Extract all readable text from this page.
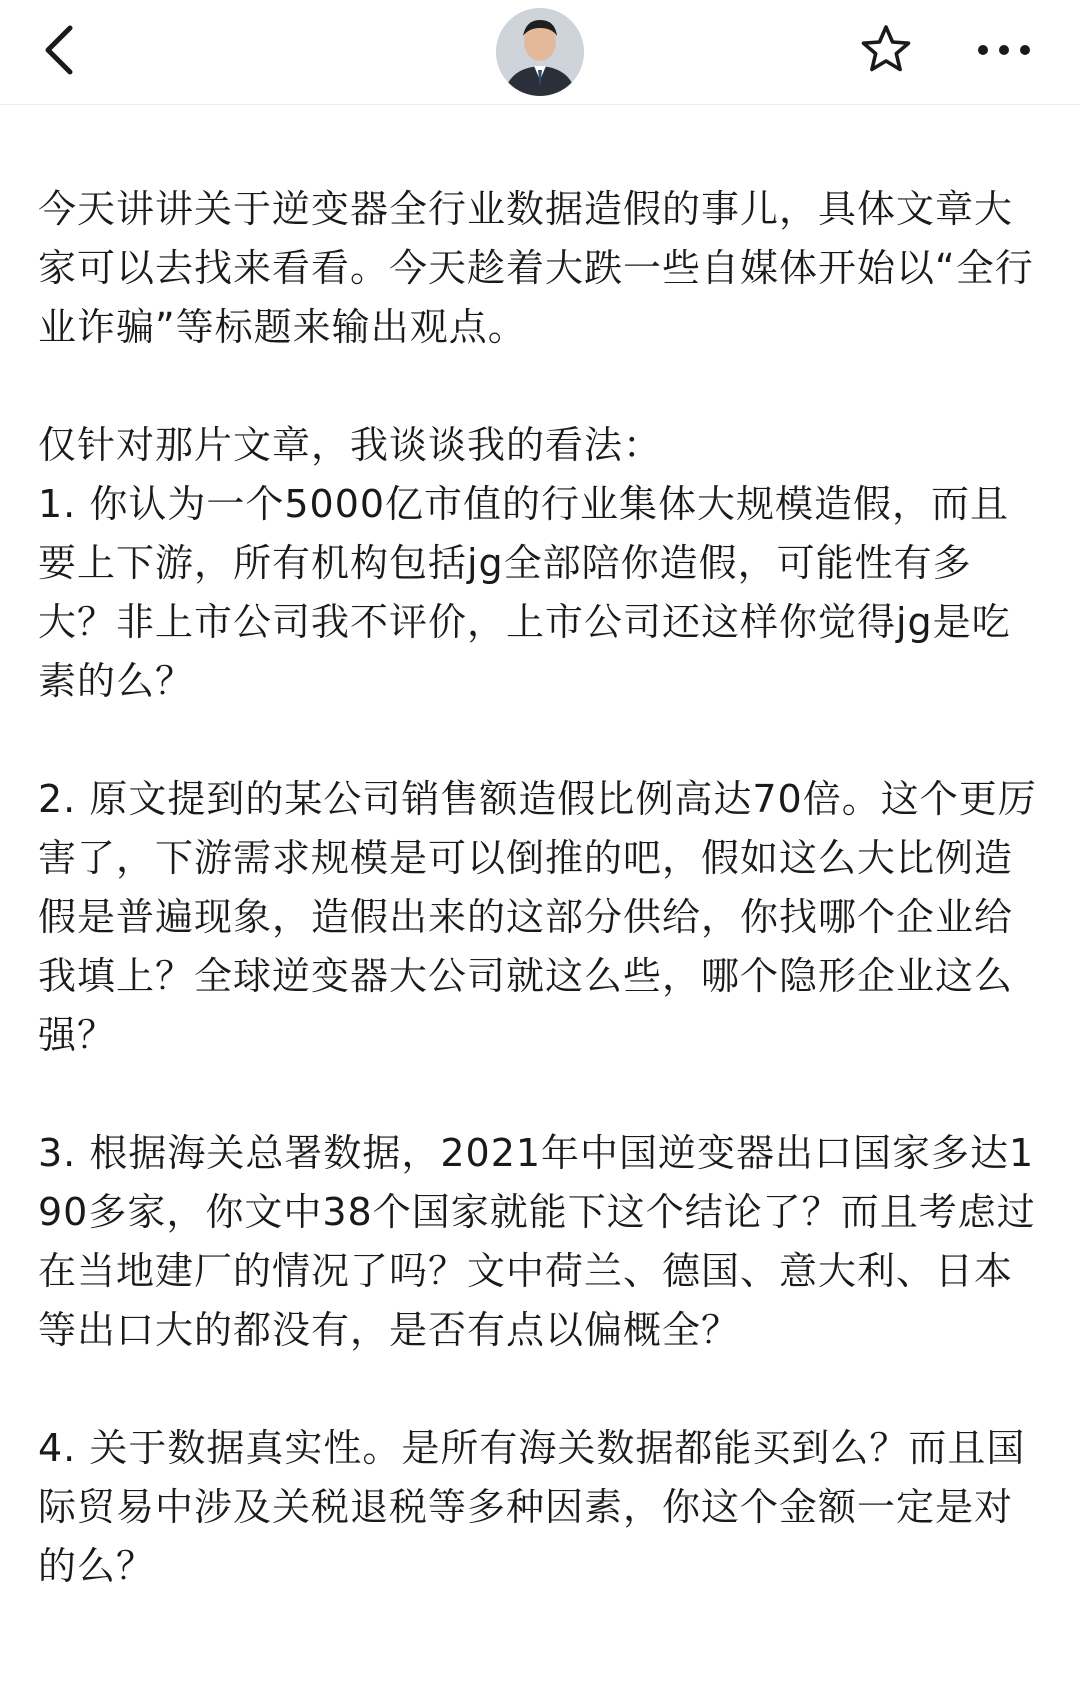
今天讲讲关于逆变器全行业数据造假的事儿，具体文章大家可以去找来看看。今天趁着大跌一些自媒体开始以“全行业诈骗”等标题来输出观点。

仅针对那片文章，我谈谈我的看法：

1. 你认为一个5000亿市值的行业集体大规模造假，而且要上下游，所有机构包括jg全部陪你造假，可能性有多大？非上市公司我不评价，上市公司还这样你觉得jg是吃素的么？

2. 原文提到的某公司销售额造假比例高达70倍。这个更厉害了，下游需求规模是可以倒推的吧，假如这么大比例造假是普遍现象，造假出来的这部分供给，你找哪个企业给我填上？全球逆变器大公司就这么些，哪个隐形企业这么强？

3. 根据海关总署数据，2021年中国逆变器出口国家多达190多家，你文中38个国家就能下这个结论了？而且考虑过在当地建厂的情况了吗？文中荷兰、德国、意大利、日本等出口大的都没有，是否有点以偏概全？

4. 关于数据真实性。是所有海关数据都能买到么？而且国际贸易中涉及关税退税等多种因素，你这个金额一定是对的么？
